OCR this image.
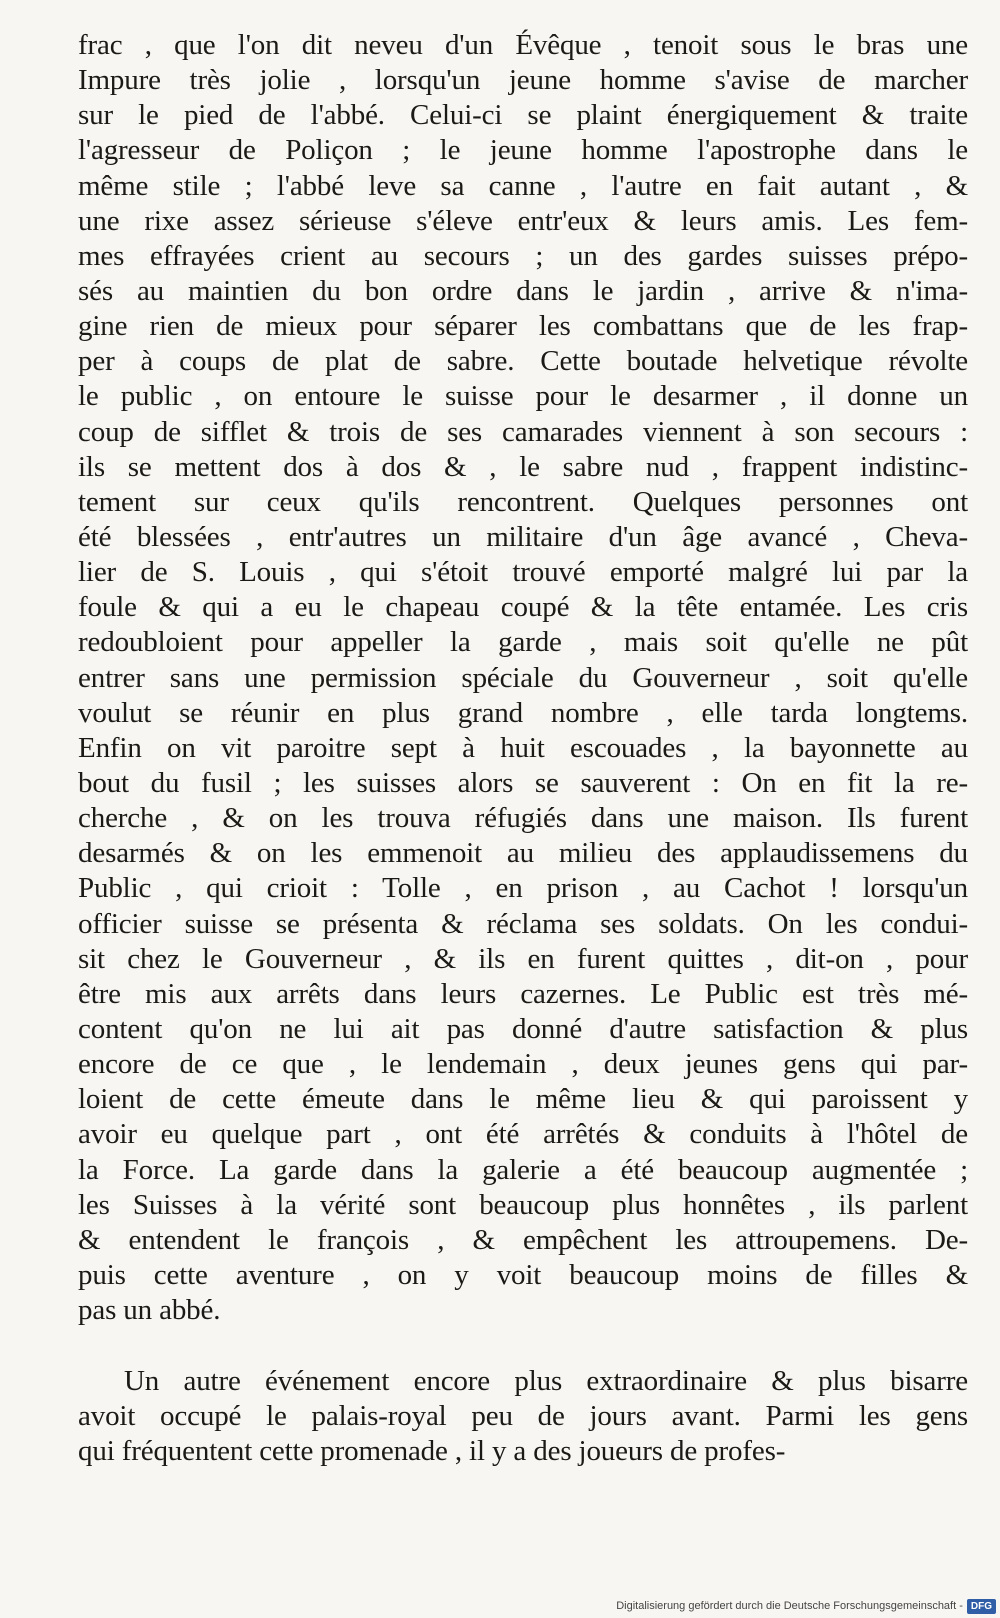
frac , que l'on dit neveu d'un Évêque , tenoit sous le bras une
Impure très jolie , lorsqu'un jeune homme s'avise de marcher
sur le pied de l'abbé. Celui-ci se plaint énergiquement & traite
l'agresseur de Poliçon ; le jeune homme l'apostrophe dans le
même stile ; l'abbé leve sa canne , l'autre en fait autant , &
une rixe assez sérieuse s'éleve entr'eux & leurs amis. Les fem-
mes effrayées crient au secours ; un des gardes suisses prépo-
sés au maintien du bon ordre dans le jardin , arrive & n'ima-
gine rien de mieux pour séparer les combattans que de les frap-
per à coups de plat de sabre. Cette boutade helvetique révolte
le public , on entoure le suisse pour le desarmer , il donne un
coup de sifflet & trois de ses camarades viennent à son secours :
ils se mettent dos à dos & , le sabre nud , frappent indistinc-
tement sur ceux qu'ils rencontrent. Quelques personnes ont
été blessées , entr'autres un militaire d'un âge avancé , Cheva-
lier de S. Louis , qui s'étoit trouvé emporté malgré lui par la
foule & qui a eu le chapeau coupé & la tête entamée. Les cris
redoubloient pour appeller la garde , mais soit qu'elle ne pût
entrer sans une permission spéciale du Gouverneur , soit qu'elle
voulut se réunir en plus grand nombre , elle tarda longtems.
Enfin on vit paroitre sept à huit escouades , la bayonnette au
bout du fusil ; les suisses alors se sauverent : On en fit la re-
cherche , & on les trouva réfugiés dans une maison. Ils furent
desarmés & on les emmenoit au milieu des applaudissemens du
Public , qui crioit : Tolle , en prison , au Cachot ! lorsqu'un
officier suisse se présenta & réclama ses soldats. On les condui-
sit chez le Gouverneur , & ils en furent quittes , dit-on , pour
être mis aux arrêts dans leurs cazernes. Le Public est très mé-
content qu'on ne lui ait pas donné d'autre satisfaction & plus
encore de ce que , le lendemain , deux jeunes gens qui par-
loient de cette émeute dans le même lieu & qui paroissent y
avoir eu quelque part , ont été arrêtés & conduits à l'hôtel de
la Force. La garde dans la galerie a été beaucoup augmentée ;
les Suisses à la vérité sont beaucoup plus honnêtes , ils parlent
& entendent le françois , & empêchent les attroupemens. De-
puis cette aventure , on y voit beaucoup moins de filles &
pas un abbé.
Un autre événement encore plus extraordinaire & plus bisarre
avoit occupé le palais-royal peu de jours avant. Parmi les gens
qui fréquentent cette promenade , il y a des joueurs de profes-
Digitalisierung gefördert durch die Deutsche Forschungsgemeinschaft - DFG
